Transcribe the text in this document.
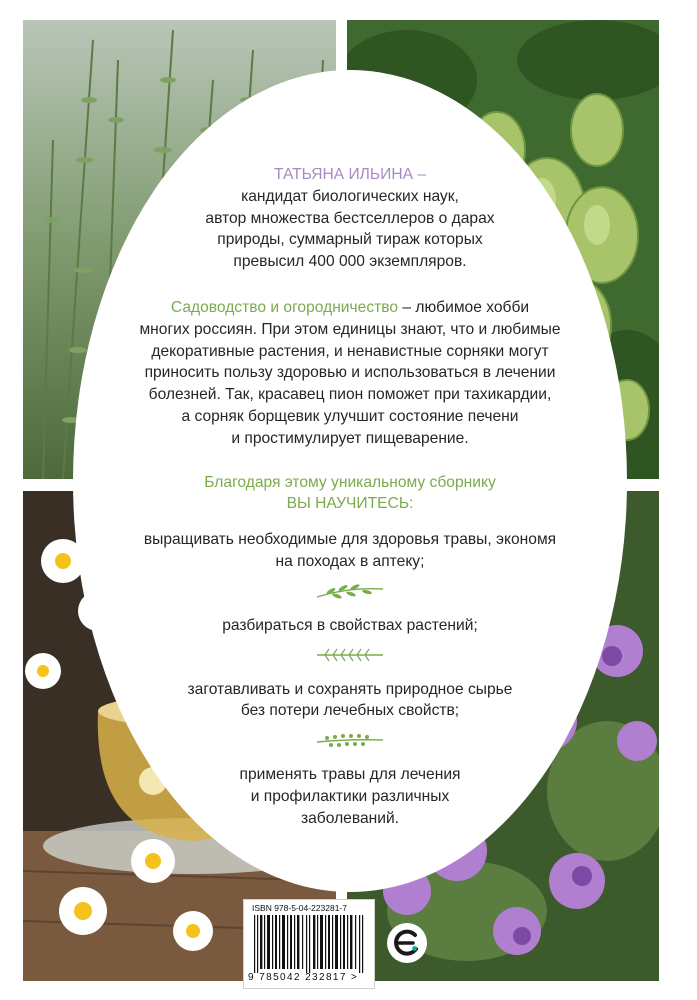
ТАТЬЯНА ИЛЬИНА –

кандидат биологических наук,

автор множества бестселлеров о дарах

природы, суммарный тираж которых

превысил 400 000 экземпляров.

Садоводство и огородничество – любимое хобби

многих россиян. При этом единицы знают, что и любимые

декоративные растения, и ненавистные сорняки могут

приносить пользу здоровью и использоваться в лечении

болезней. Так, красавец пион поможет при тахикардии,

а сорняк борщевик улучшит состояние печени

и простимулирует пищеварение.

Благодаря этому уникальному сборнику

ВЫ НАУЧИТЕСЬ:

выращивать необходимые для здоровья травы, экономя

на походах в аптеку;

разбираться в свойствах растений;

заготавливать и сохранять природное сырье

без потери лечебных свойств;

применять травы для лечения

и профилактики различных

заболеваний.

ISBN 978-5-04-223281-7
9 785042 232817 >
